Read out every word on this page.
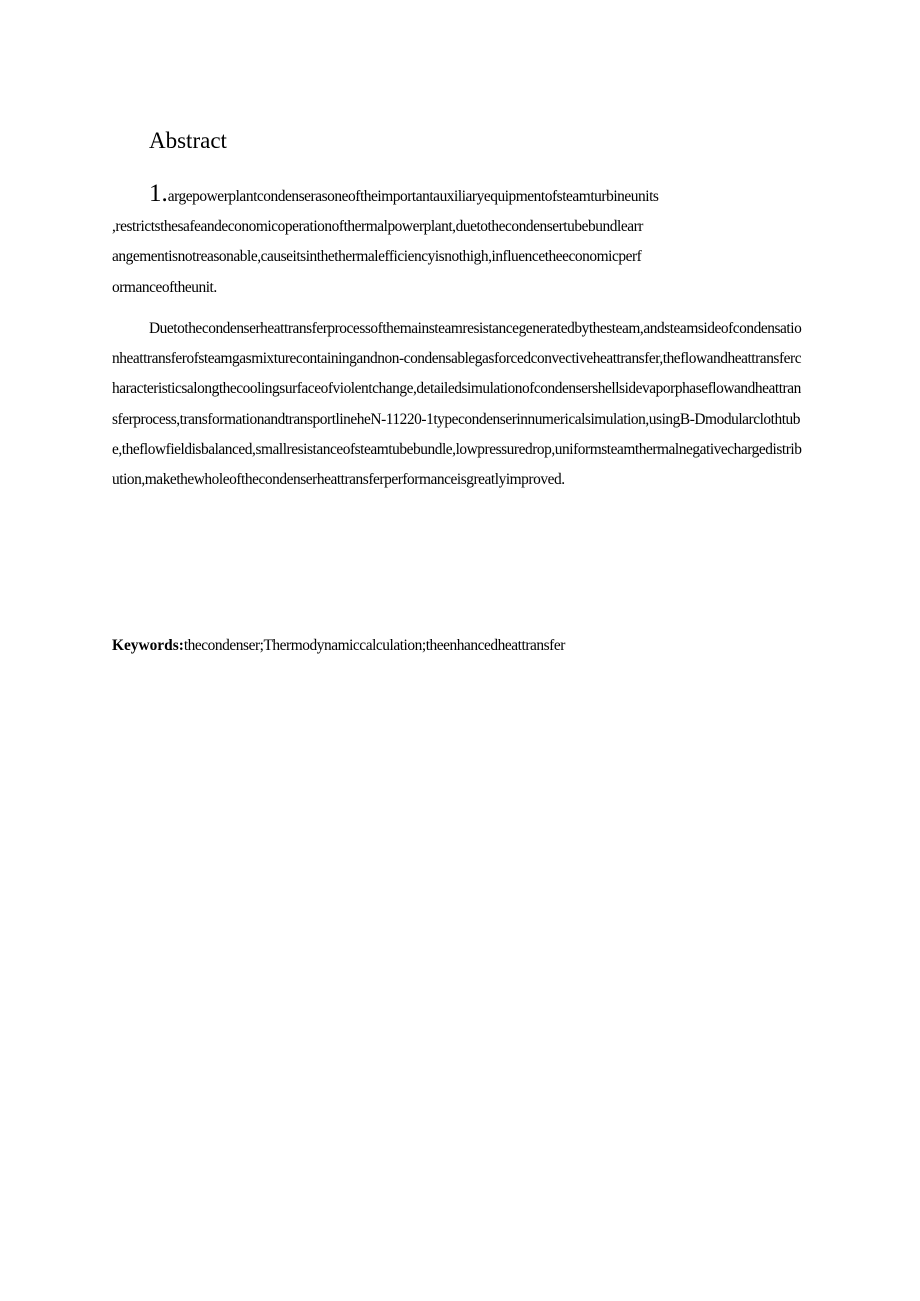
Abstract
1.argepowerplantcondenserasoneoftheimportantauxiliaryequipmentofsteamturbineunits
,restrictsthesafeandeconomicoperationofthermalpowerplant,duetothecondensertubebundlearr
angementisnotreasonable,causeitsinthethermalefficiencyisnothigh,influencetheeconomicperf
ormanceoftheunit.

Duetothecondenserheattransferprocessofthemainsteamresistancegeneratedbythesteam,andsteamsideofcondensationheattransferofsteamgasmixturecontainingandnon-condensablegasforcedconvectiveheattransfer,theflowandheattransfercharacteristicsalongthecoolingsurfaceofviolentchange,detailedsimulationofcondensershellsidevaporphaseflowandheattransferprocess,transformationandtransportlineheN-11220-1typecondenserinnumericalsimulation,usingB-Dmodularclothtube,theflowfieldisbalanced,smallresistanceofsteamtubebundle,lowpressuredrop,uniformsteamthermalnegativechargedistribution,makethewholeofthecondenserheattransferperformanceisgreatlyimproved.

Keywords:thecondenser;Thermodynamiccalculation;theenhancedheattransfer
